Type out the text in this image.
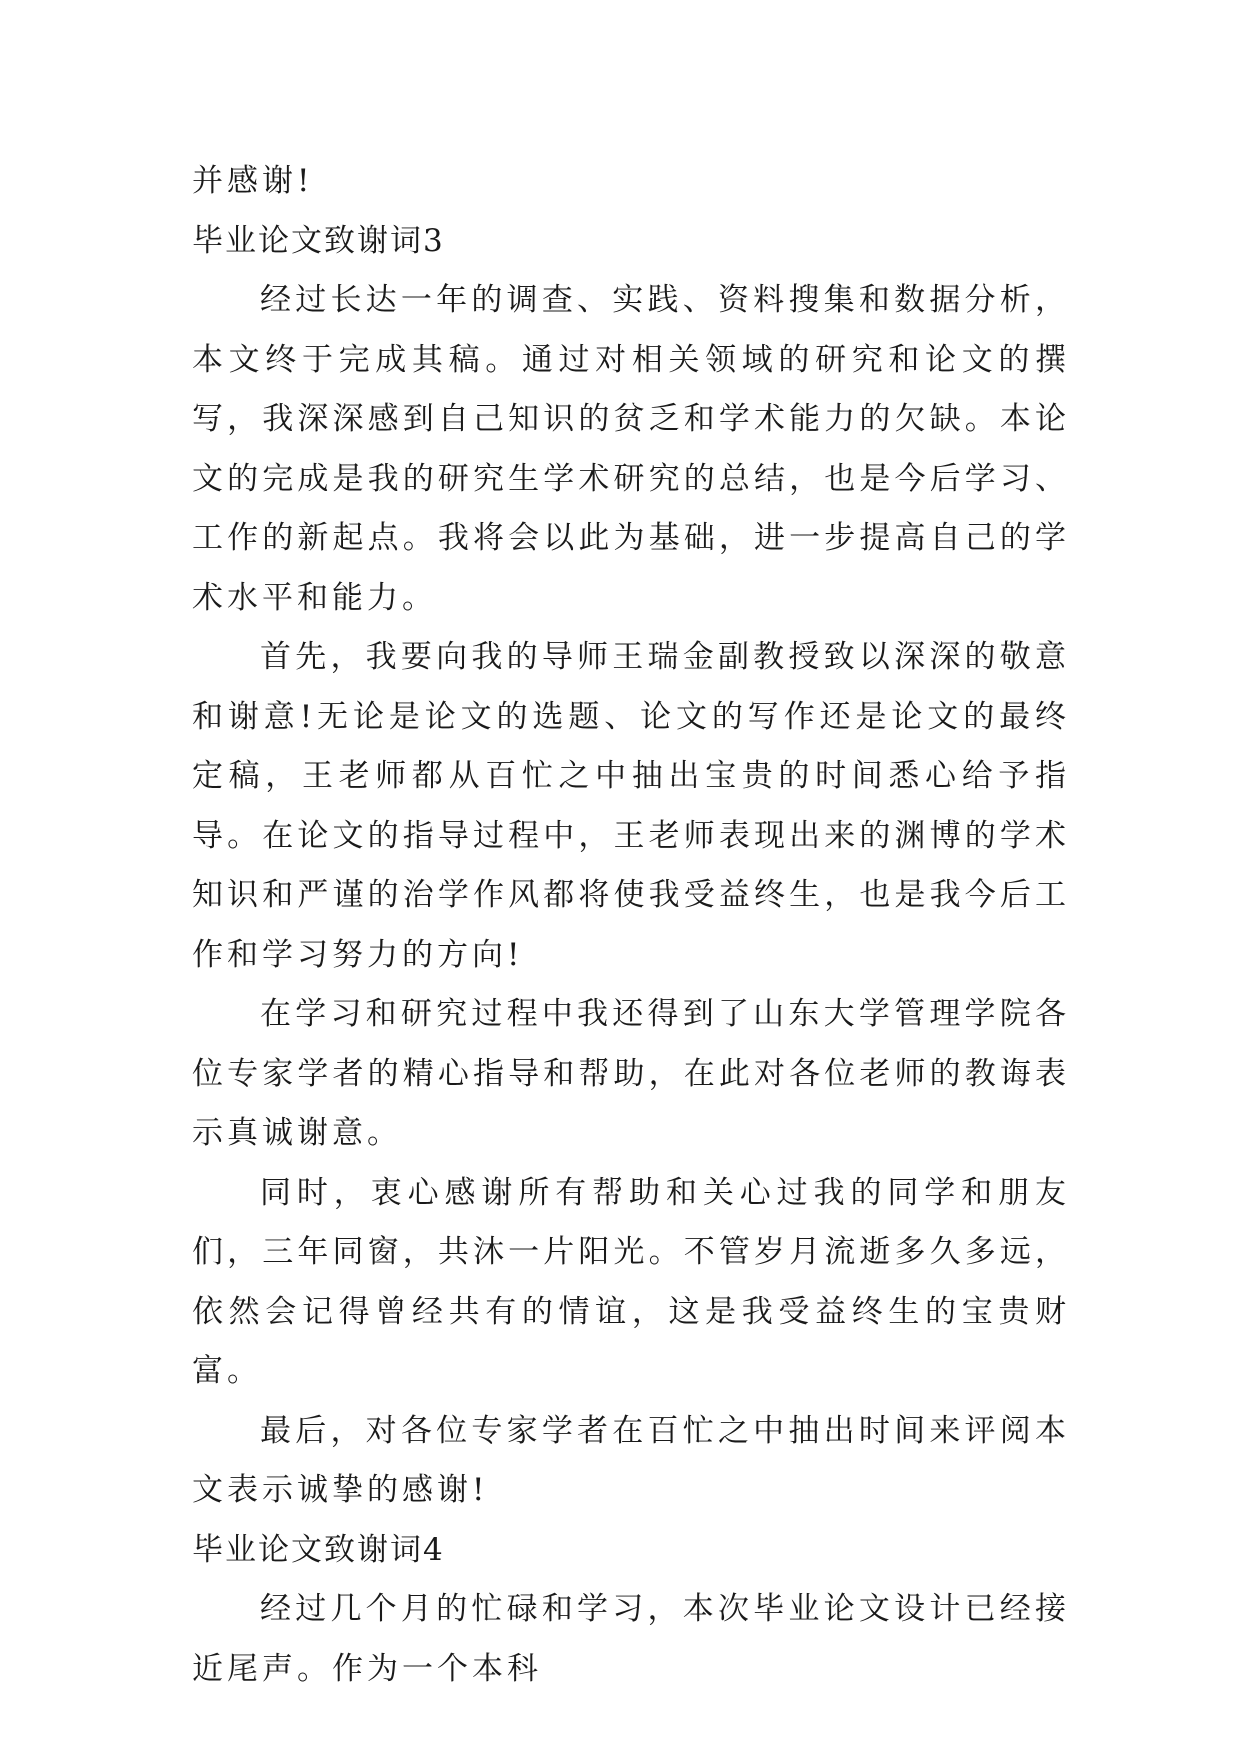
并感谢!

毕业论文致谢词3

经过长达一年的调查、实践、资料搜集和数据分析，本文终于完成其稿。通过对相关领域的研究和论文的撰写，我深深感到自己知识的贫乏和学术能力的欠缺。本论文的完成是我的研究生学术研究的总结，也是今后学习、工作的新起点。我将会以此为基础，进一步提高自己的学术水平和能力。

首先，我要向我的导师王瑞金副教授致以深深的敬意和谢意!无论是论文的选题、论文的写作还是论文的最终定稿，王老师都从百忙之中抽出宝贵的时间悉心给予指导。在论文的指导过程中，王老师表现出来的渊博的学术知识和严谨的治学作风都将使我受益终生，也是我今后工作和学习努力的方向!

在学习和研究过程中我还得到了山东大学管理学院各位专家学者的精心指导和帮助，在此对各位老师的教诲表示真诚谢意。

同时，衷心感谢所有帮助和关心过我的同学和朋友们，三年同窗，共沐一片阳光。不管岁月流逝多久多远，依然会记得曾经共有的情谊，这是我受益终生的宝贵财富。

最后，对各位专家学者在百忙之中抽出时间来评阅本文表示诚挚的感谢!

毕业论文致谢词4

经过几个月的忙碌和学习，本次毕业论文设计已经接近尾声。作为一个本科
